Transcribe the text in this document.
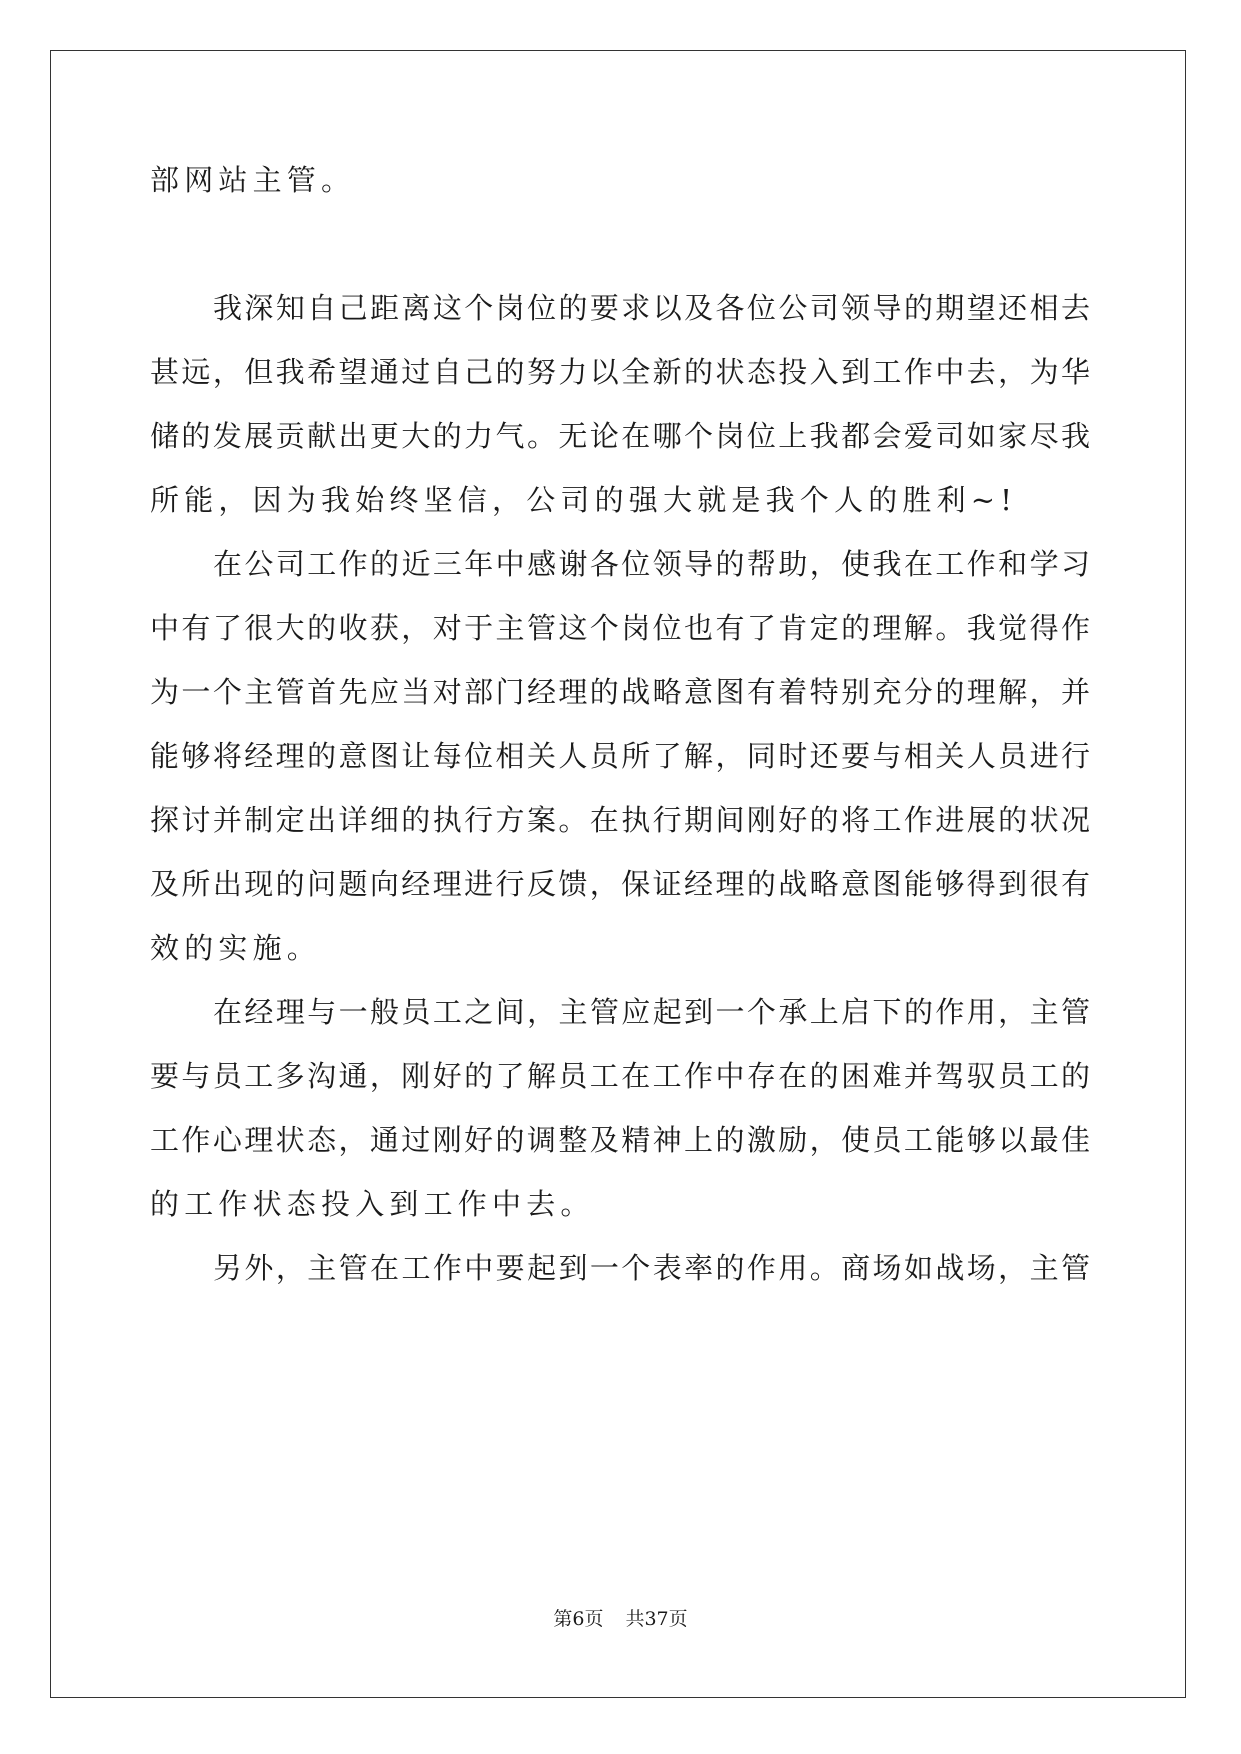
部网站主管。
我深知自己距离这个岗位的要求以及各位公司领导的期望还相去
甚远，但我希望通过自己的努力以全新的状态投入到工作中去，为华
储的发展贡献出更大的力气。无论在哪个岗位上我都会爱司如家尽我
所能，因为我始终坚信，公司的强大就是我个人的胜利~!
在公司工作的近三年中感谢各位领导的帮助，使我在工作和学习
中有了很大的收获，对于主管这个岗位也有了肯定的理解。我觉得作
为一个主管首先应当对部门经理的战略意图有着特别充分的理解，并
能够将经理的意图让每位相关人员所了解，同时还要与相关人员进行
探讨并制定出详细的执行方案。在执行期间刚好的将工作进展的状况
及所出现的问题向经理进行反馈，保证经理的战略意图能够得到很有
效的实施。
在经理与一般员工之间，主管应起到一个承上启下的作用，主管
要与员工多沟通，刚好的了解员工在工作中存在的困难并驾驭员工的
工作心理状态，通过刚好的调整及精神上的激励，使员工能够以最佳
的工作状态投入到工作中去。
另外，主管在工作中要起到一个表率的作用。商场如战场，主管
第6页 共37页
